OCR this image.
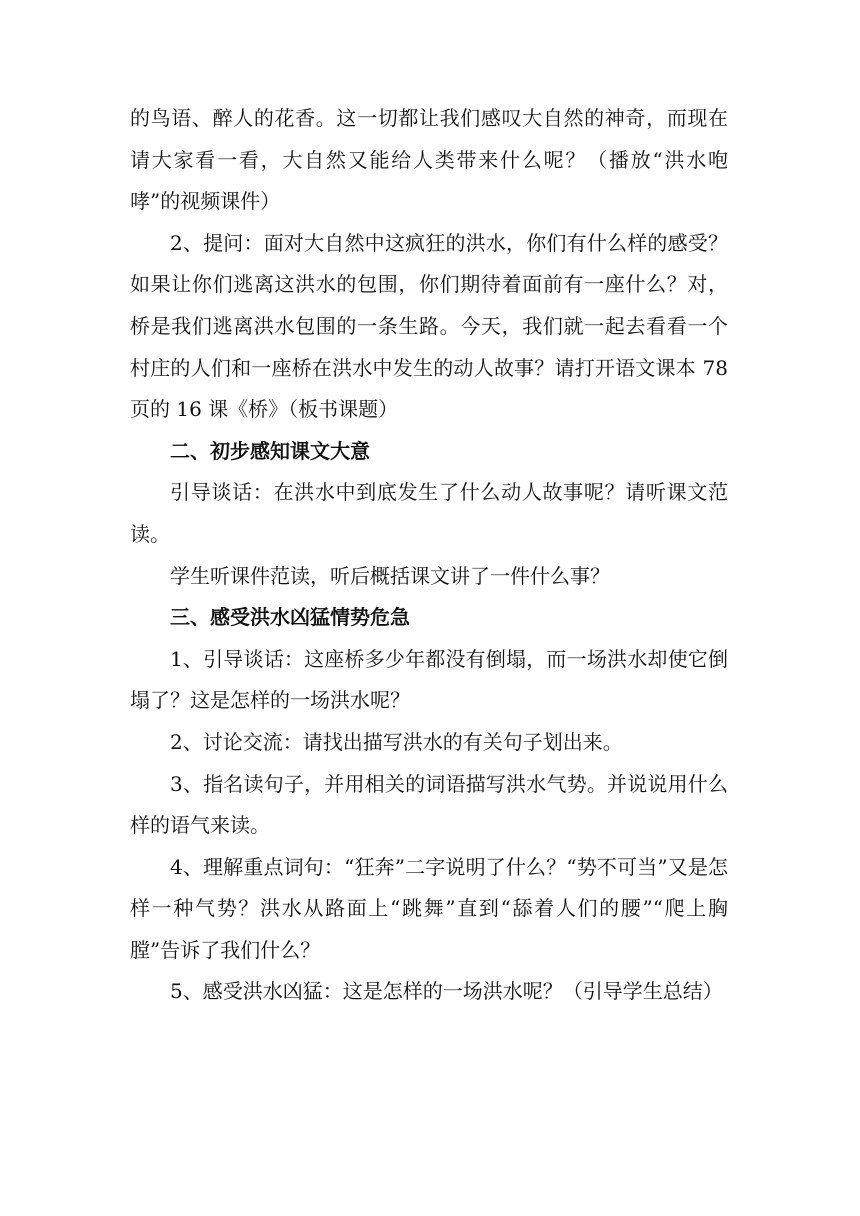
的鸟语、醉人的花香。这一切都让我们感叹大自然的神奇，而现在请大家看一看，大自然又能给人类带来什么呢？（播放“洪水咆哮”的视频课件）

2、提问：面对大自然中这疯狂的洪水，你们有什么样的感受？如果让你们逃离这洪水的包围，你们期待着面前有一座什么？对，桥是我们逃离洪水包围的一条生路。今天，我们就一起去看看一个村庄的人们和一座桥在洪水中发生的动人故事？请打开语文课本 78 页的 16 课《桥》（板书课题）

二、初步感知课文大意

引导谈话：在洪水中到底发生了什么动人故事呢？请听课文范读。

学生听课件范读，听后概括课文讲了一件什么事？

三、感受洪水凶猛情势危急

1、引导谈话：这座桥多少年都没有倒塌，而一场洪水却使它倒塌了？这是怎样的一场洪水呢？

2、讨论交流：请找出描写洪水的有关句子划出来。

3、指名读句子，并用相关的词语描写洪水气势。并说说用什么样的语气来读。

4、理解重点词句：“狂奔”二字说明了什么？“势不可当”又是怎样一种气势？洪水从路面上“跳舞”直到“舔着人们的腰”“爬上胸膛”告诉了我们什么？

5、感受洪水凶猛：这是怎样的一场洪水呢？（引导学生总结）
